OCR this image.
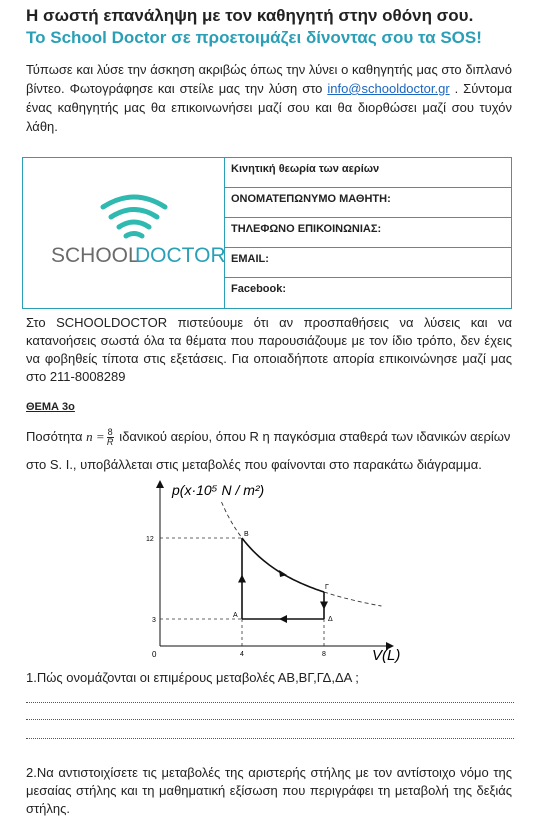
Η σωστή επανάληψη με τον καθηγητή στην οθόνη σου.
Το School Doctor σε προετοιμάζει δίνοντας σου τα SOS!
Τύπωσε και λύσε την άσκηση ακριβώς όπως την λύνει ο καθηγητής μας στο διπλανό βίντεο. Φωτογράφησε και στείλε μας την λύση στο info@schooldoctor.gr . Σύντομα ένας καθηγητής μας θα επικοινωνήσει μαζί σου και θα διορθώσει μαζί σου τυχόν λάθη.
SCHOOL
DOCTOR
Κινητική θεωρία των αερίων
ΟΝΟΜΑΤΕΠΩΝΥΜΟ ΜΑΘΗΤΗ:
ΤΗΛΕΦΩΝΟ ΕΠΙΚΟΙΝΩΝΙΑΣ:
EMAIL:
Facebook:
Στο SCHOOLDOCTOR πιστεύουμε ότι αν προσπαθήσεις να λύσεις και να κατανοήσεις σωστά όλα τα θέματα που παρουσιάζουμε με τον ίδιο τρόπο, δεν έχεις να φοβηθείς τίποτα στις εξετάσεις. Για οποιαδήποτε απορία επικοινώνησε μαζί μας στο 211-8008289
ΘΕΜΑ 3ο
Ποσότητα $n = \frac{8}{R}$ ιδανικού αερίου, όπου R η παγκόσμια σταθερά των ιδανικών αερίων
στο S. I., υποβάλλεται στις μεταβολές που φαίνονται στο παρακάτω διάγραμμα.
p(x·10⁵ N / m²)
V(L)
0
B
A
Γ
Δ
12
3
4	8
1.Πώς ονομάζονται οι επιμέρους μεταβολές ΑΒ,ΒΓ,ΓΔ,ΔΑ ;
2.Να αντιστοιχίσετε τις μεταβολές της αριστερής στήλης με τον αντίστοιχο νόμο της μεσαίας στήλης και τη μαθηματική εξίσωση που περιγράφει τη μεταβολή της δεξιάς στήλης.
